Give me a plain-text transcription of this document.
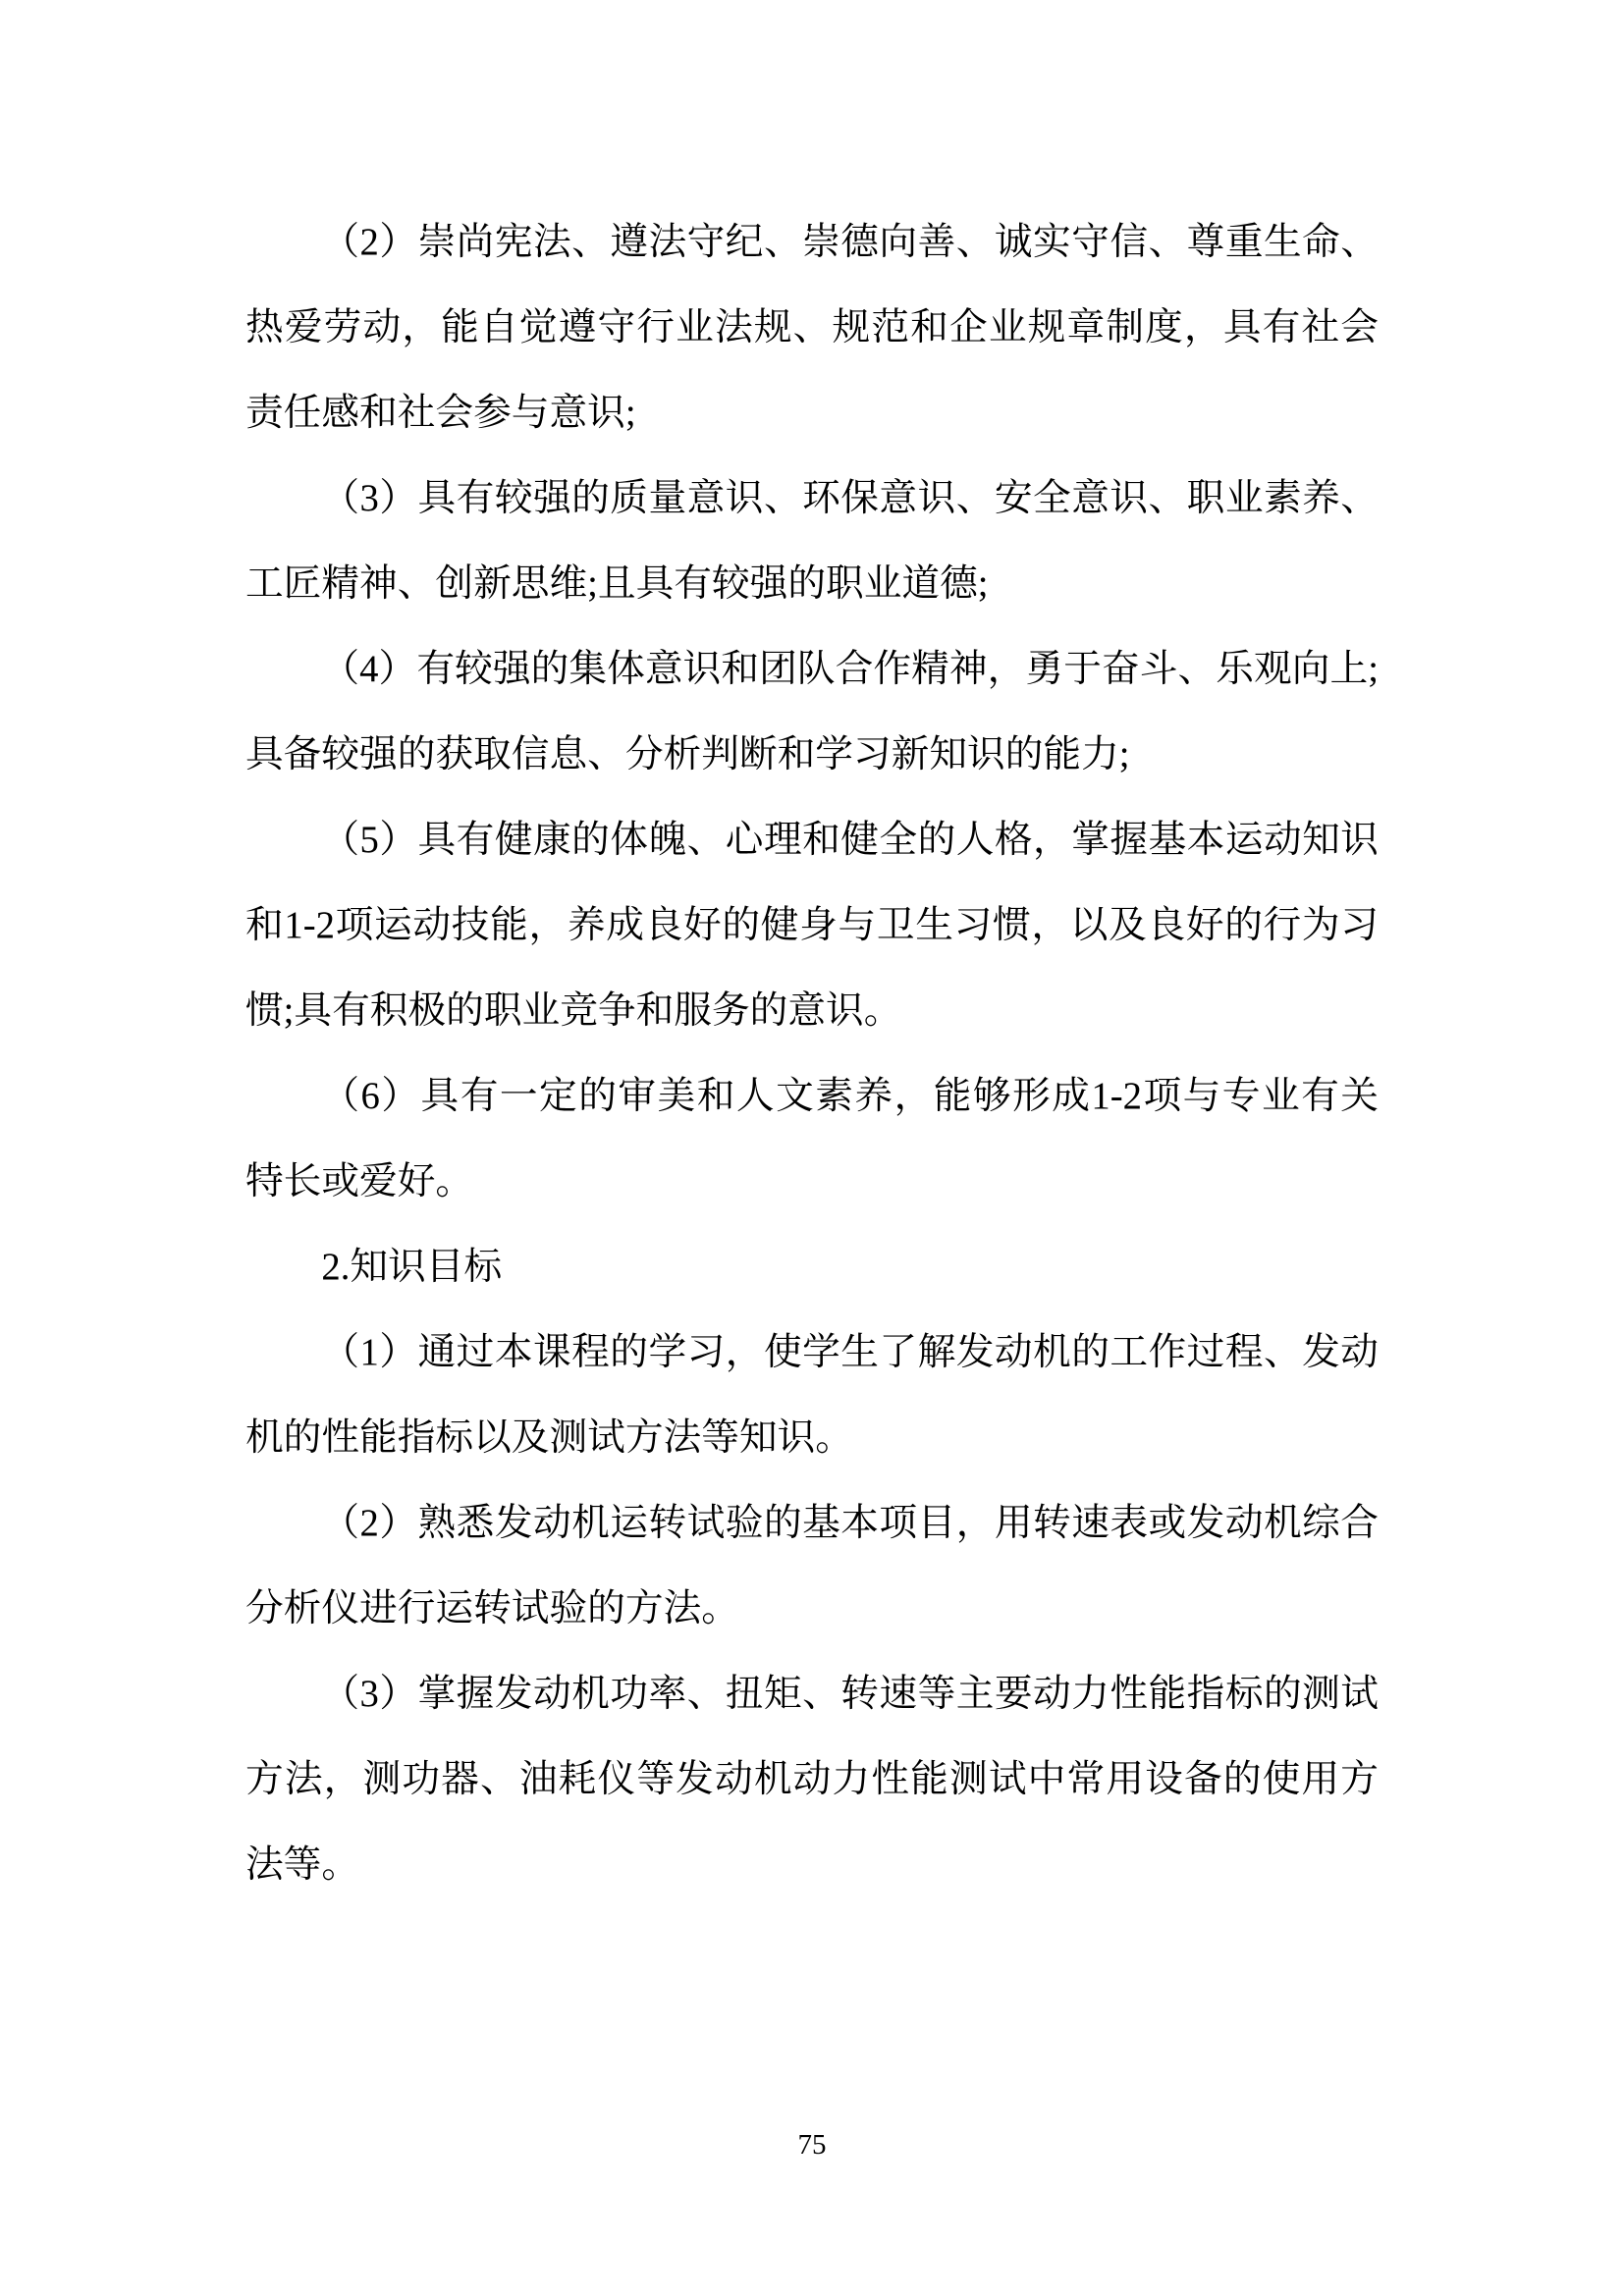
（2）崇尚宪法、遵法守纪、崇德向善、诚实守信、尊重生命、热爱劳动，能自觉遵守行业法规、规范和企业规章制度，具有社会责任感和社会参与意识;

（3）具有较强的质量意识、环保意识、安全意识、职业素养、工匠精神、创新思维;且具有较强的职业道德;

（4）有较强的集体意识和团队合作精神，勇于奋斗、乐观向上;具备较强的获取信息、分析判断和学习新知识的能力;

（5）具有健康的体魄、心理和健全的人格，掌握基本运动知识和1-2项运动技能，养成良好的健身与卫生习惯，以及良好的行为习惯;具有积极的职业竞争和服务的意识。

（6）具有一定的审美和人文素养，能够形成1-2项与专业有关特长或爱好。

2.知识目标

（1）通过本课程的学习，使学生了解发动机的工作过程、发动机的性能指标以及测试方法等知识。

（2）熟悉发动机运转试验的基本项目，用转速表或发动机综合分析仪进行运转试验的方法。

（3）掌握发动机功率、扭矩、转速等主要动力性能指标的测试方法，测功器、油耗仪等发动机动力性能测试中常用设备的使用方法等。

75
